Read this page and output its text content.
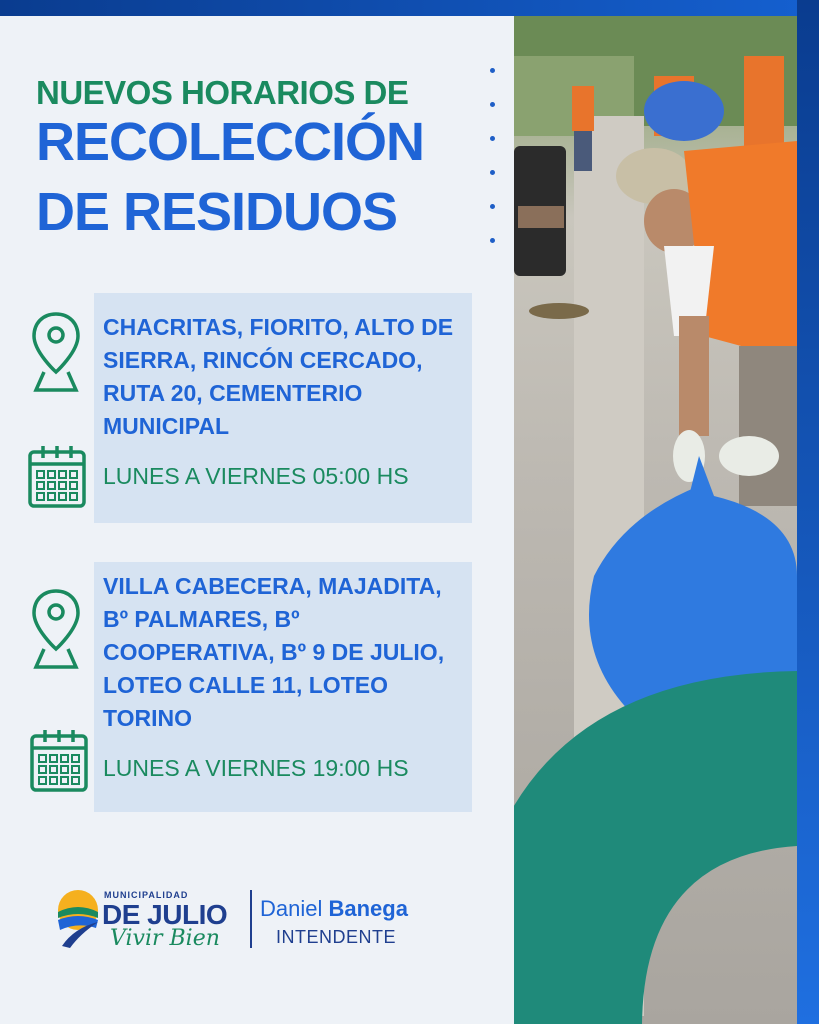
NUEVOS HORARIOS DE
RECOLECCIÓN
DE RESIDUOS

CHACRITAS, FIORITO, ALTO DE SIERRA, RINCÓN CERCADO, RUTA 20, CEMENTERIO MUNICIPAL

LUNES A VIERNES 05:00 HS

VILLA CABECERA, MAJADITA, Bº PALMARES, Bº COOPERATIVA, Bº 9 DE JULIO, LOTEO CALLE 11, LOTEO TORINO

LUNES A VIERNES 19:00 HS

MUNICIPALIDAD
DE JULIO
Vivir Bien
Daniel Banega
INTENDENTE
